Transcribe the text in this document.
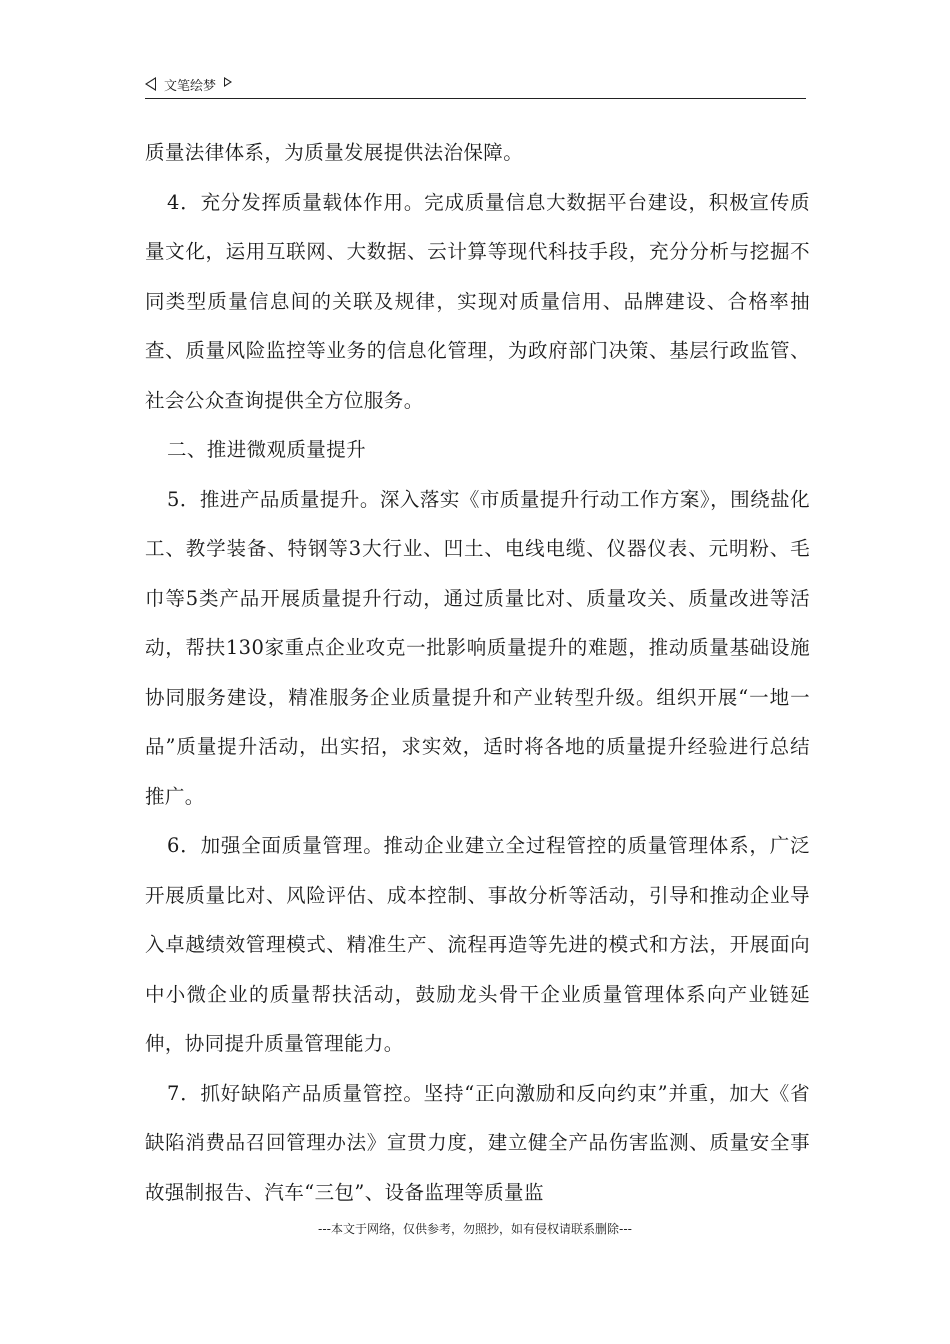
文笔绘梦

质量法律体系，为质量发展提供法治保障。

4．充分发挥质量载体作用。完成质量信息大数据平台建设，积极宣传质量文化，运用互联网、大数据、云计算等现代科技手段，充分分析与挖掘不同类型质量信息间的关联及规律，实现对质量信用、品牌建设、合格率抽查、质量风险监控等业务的信息化管理，为政府部门决策、基层行政监管、社会公众查询提供全方位服务。

二、推进微观质量提升

5．推进产品质量提升。深入落实《市质量提升行动工作方案》，围绕盐化工、教学装备、特钢等3大行业、凹土、电线电缆、仪器仪表、元明粉、毛巾等5类产品开展质量提升行动，通过质量比对、质量攻关、质量改进等活动，帮扶130家重点企业攻克一批影响质量提升的难题，推动质量基础设施协同服务建设，精准服务企业质量提升和产业转型升级。组织开展“一地一品”质量提升活动，出实招，求实效，适时将各地的质量提升经验进行总结推广。

6．加强全面质量管理。推动企业建立全过程管控的质量管理体系，广泛开展质量比对、风险评估、成本控制、事故分析等活动，引导和推动企业导入卓越绩效管理模式、精准生产、流程再造等先进的模式和方法，开展面向中小微企业的质量帮扶活动，鼓励龙头骨干企业质量管理体系向产业链延伸，协同提升质量管理能力。

7．抓好缺陷产品质量管控。坚持“正向激励和反向约束”并重，加大《省缺陷消费品召回管理办法》宣贯力度，建立健全产品伤害监测、质量安全事故强制报告、汽车“三包”、设备监理等质量监

---本文于网络，仅供参考，勿照抄，如有侵权请联系删除---
